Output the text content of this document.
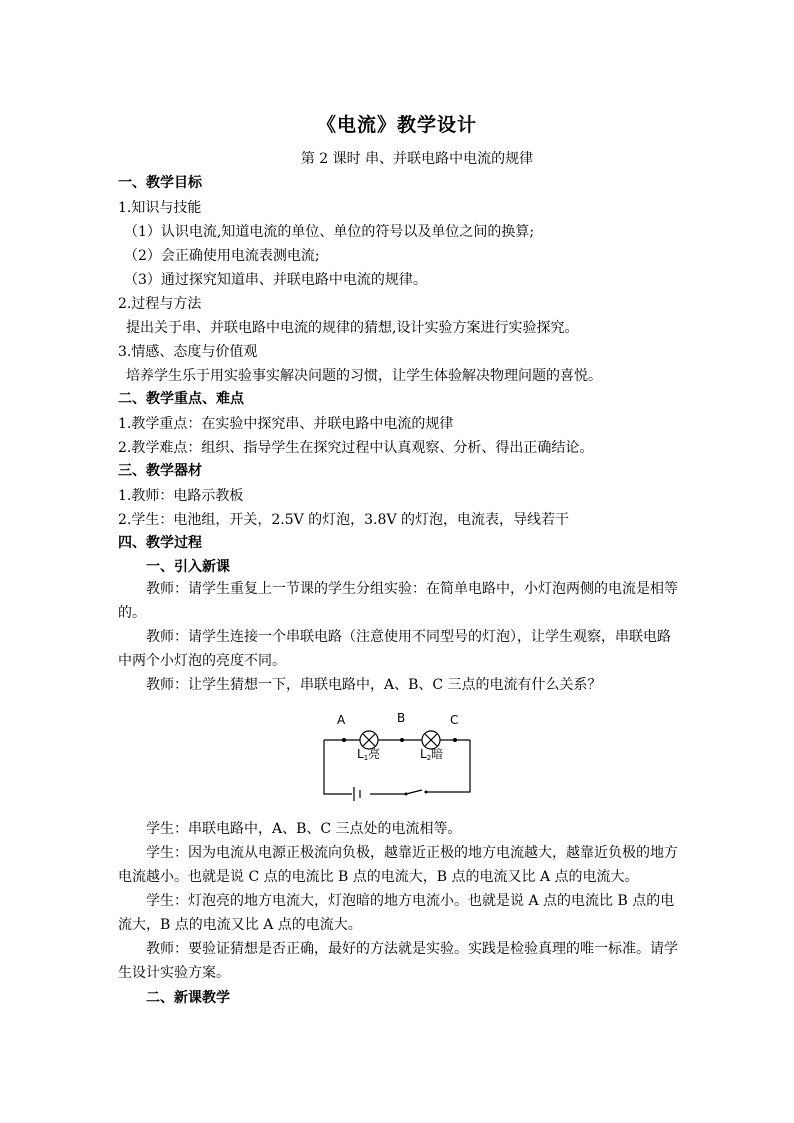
《电流》教学设计
第 2 课时 串、并联电路中电流的规律
一、教学目标
1.知识与技能
（1）认识电流,知道电流的单位、单位的符号以及单位之间的换算;
（2）会正确使用电流表测电流;
（3）通过探究知道串、并联电路中电流的规律。
2.过程与方法
提出关于串、并联电路中电流的规律的猜想,设计实验方案进行实验探究。
3.情感、态度与价值观
培养学生乐于用实验事实解决问题的习惯，让学生体验解决物理问题的喜悦。
二、教学重点、难点
1.教学重点：在实验中探究串、并联电路中电流的规律
2.教学难点：组织、指导学生在探究过程中认真观察、分析、得出正确结论。
三、教学器材
1.教师：电路示教板
2.学生：电池组，开关，2.5V 的灯泡，3.8V 的灯泡，电流表，导线若干
四、教学过程
一、引入新课
教师：请学生重复上一节课的学生分组实验：在简单电路中，小灯泡两侧的电流是相等的。
教师：请学生连接一个串联电路（注意使用不同型号的灯泡），让学生观察，串联电路中两个小灯泡的亮度不同。
教师：让学生猜想一下，串联电路中，A、B、C 三点的电流有什么关系？
A	B	C
L1亮	L2暗
学生：串联电路中，A、B、C 三点处的电流相等。
学生：因为电流从电源正极流向负极，越靠近正极的地方电流越大，越靠近负极的地方电流越小。也就是说 C 点的电流比 B 点的电流大，B 点的电流又比 A 点的电流大。
学生：灯泡亮的地方电流大，灯泡暗的地方电流小。也就是说 A 点的电流比 B 点的电流大，B 点的电流又比 A 点的电流大。
教师：要验证猜想是否正确，最好的方法就是实验。实践是检验真理的唯一标准。请学生设计实验方案。
二、新课教学
